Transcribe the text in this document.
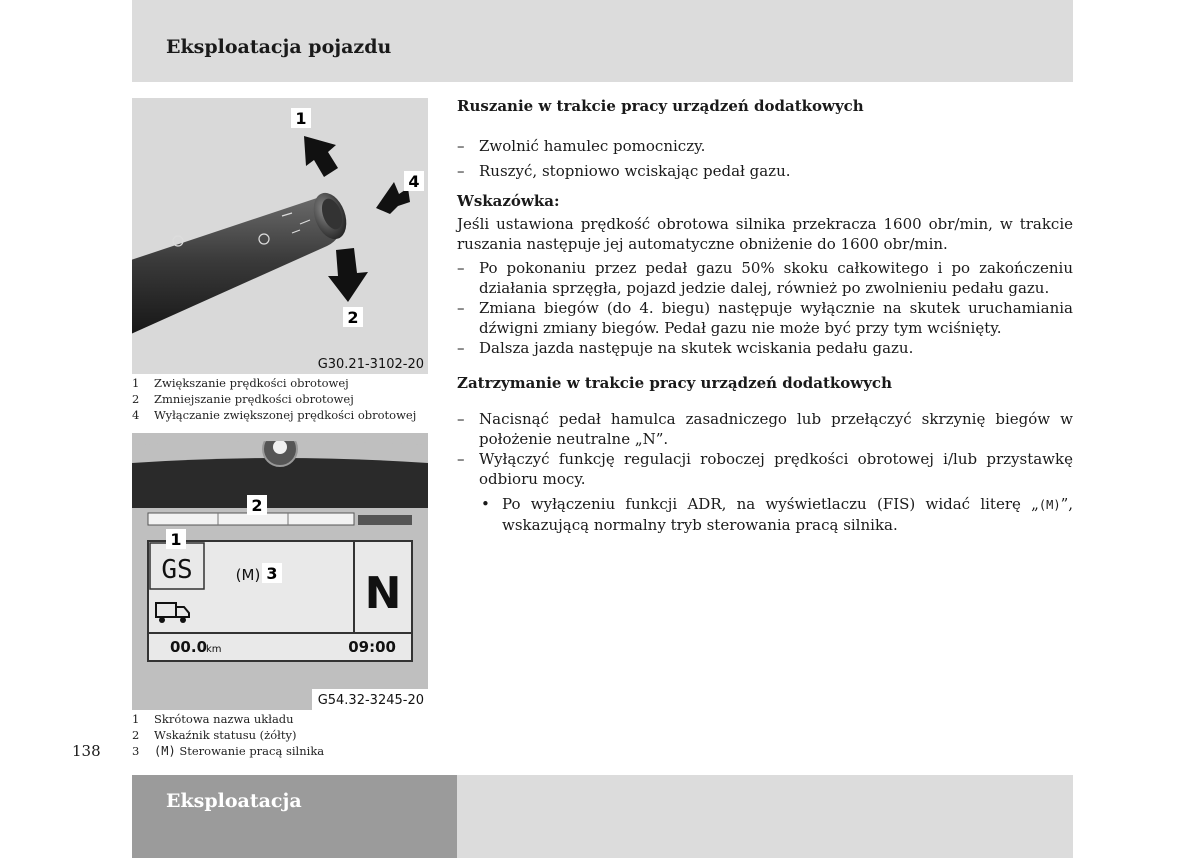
Eksploatacja pojazdu
1
2
4
G30.21-3102-20
1 Zwiększanie prędkości obrotowej
2 Zmniejszanie prędkości obrotowej
4 Wyłączanie zwiększonej prędkości obrotowej
GS	(M) N
00.0
km	09:00
2
1
3
G54.32-3245-20
1 Skrótowa nazwa układu
2 Wskaźnik statusu (żółty)
3 (M) Sterowanie pracą silnika
138
Ruszanie w trakcie pracy urządzeń dodatkowych

– Zwolnić hamulec pomocniczy.

– Ruszyć, stopniowo wciskając pedał gazu.

Wskazówka:

Jeśli ustawiona prędkość obrotowa silnika przekracza 1600 obr/min, w trakcie ruszania następuje jej automatyczne obniżenie do 1600 obr/min.

– Po pokonaniu przez pedał gazu 50% skoku całkowitego i po zakończeniu działania sprzęgła, pojazd jedzie dalej, również po zwolnieniu pedału gazu.

– Zmiana biegów (do 4. biegu) następuje wyłącznie na skutek uruchamiania dźwigni zmiany biegów. Pedał gazu nie może być przy tym wciśnięty.

– Dalsza jazda następuje na skutek wciskania pedału gazu.

Zatrzymanie w trakcie pracy urządzeń dodatkowych

– Nacisnąć pedał hamulca zasadniczego lub przełączyć skrzynię biegów w położenie neutralne „N”.

– Wyłączyć funkcję regulacji roboczej prędkości obrotowej i/lub przystawkę odbioru mocy.

• Po wyłączeniu funkcji ADR, na wyświetlaczu (FIS) widać literę „(M)”, wskazującą normalny tryb sterowania pracą silnika.

Eksploatacja
